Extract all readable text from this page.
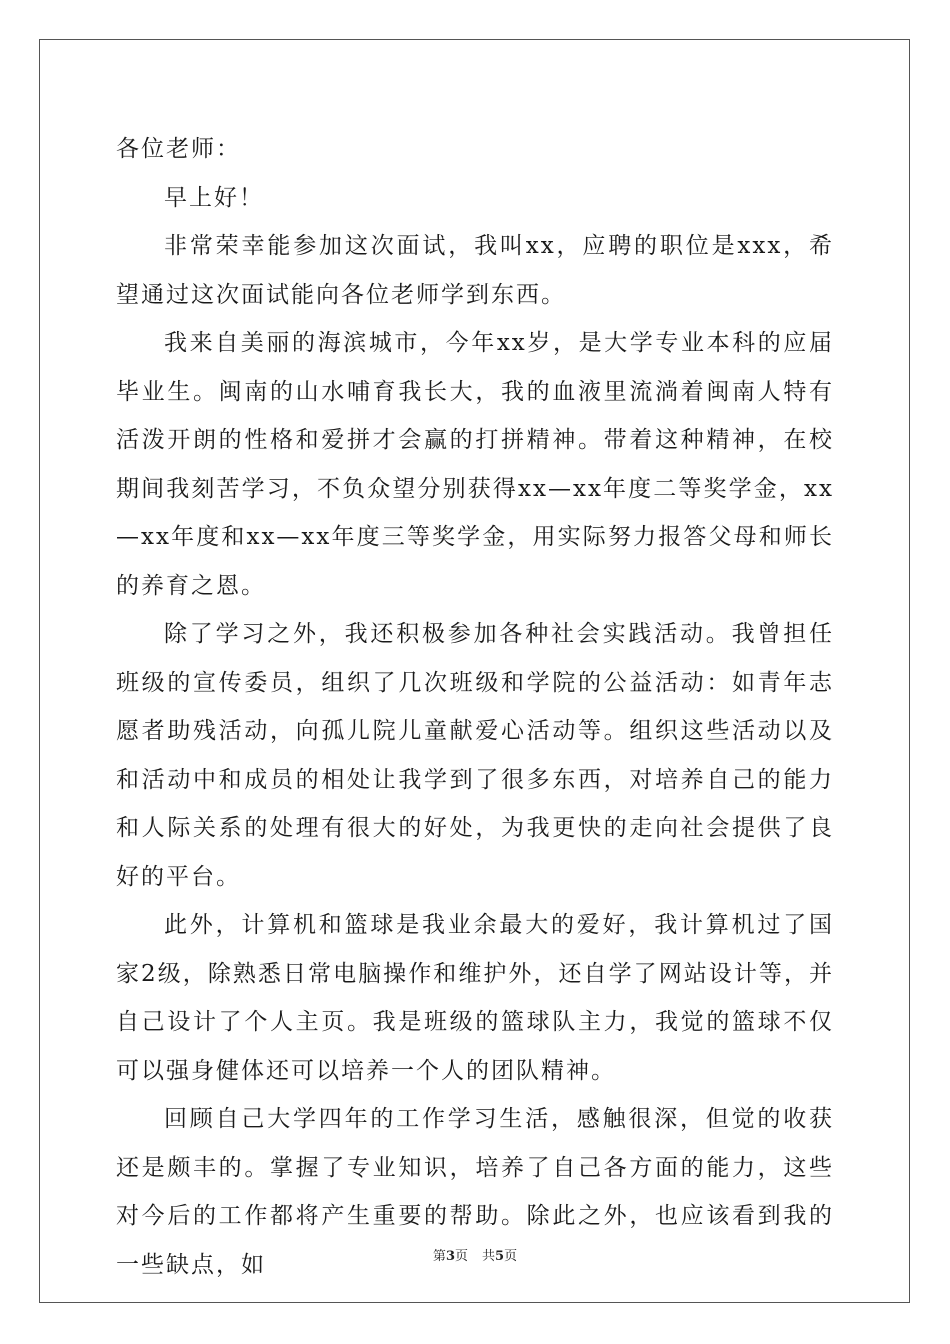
各位老师：

早上好！

非常荣幸能参加这次面试，我叫xx，应聘的职位是xxx，希望通过这次面试能向各位老师学到东西。

我来自美丽的海滨城市，今年xx岁，是大学专业本科的应届毕业生。闽南的山水哺育我长大，我的血液里流淌着闽南人特有活泼开朗的性格和爱拼才会赢的打拼精神。带着这种精神，在校期间我刻苦学习，不负众望分别获得xx—xx年度二等奖学金，xx—xx年度和xx—xx年度三等奖学金，用实际努力报答父母和师长的养育之恩。

除了学习之外，我还积极参加各种社会实践活动。我曾担任班级的宣传委员，组织了几次班级和学院的公益活动：如青年志愿者助残活动，向孤儿院儿童献爱心活动等。组织这些活动以及和活动中和成员的相处让我学到了很多东西，对培养自己的能力和人际关系的处理有很大的好处，为我更快的走向社会提供了良好的平台。

此外，计算机和篮球是我业余最大的爱好，我计算机过了国家2级，除熟悉日常电脑操作和维护外，还自学了网站设计等，并自己设计了个人主页。我是班级的篮球队主力，我觉的篮球不仅可以强身健体还可以培养一个人的团队精神。

回顾自己大学四年的工作学习生活，感触很深，但觉的收获还是颇丰的。掌握了专业知识，培养了自己各方面的能力，这些对今后的工作都将产生重要的帮助。除此之外，也应该看到我的一些缺点，如	第3页 共5页
